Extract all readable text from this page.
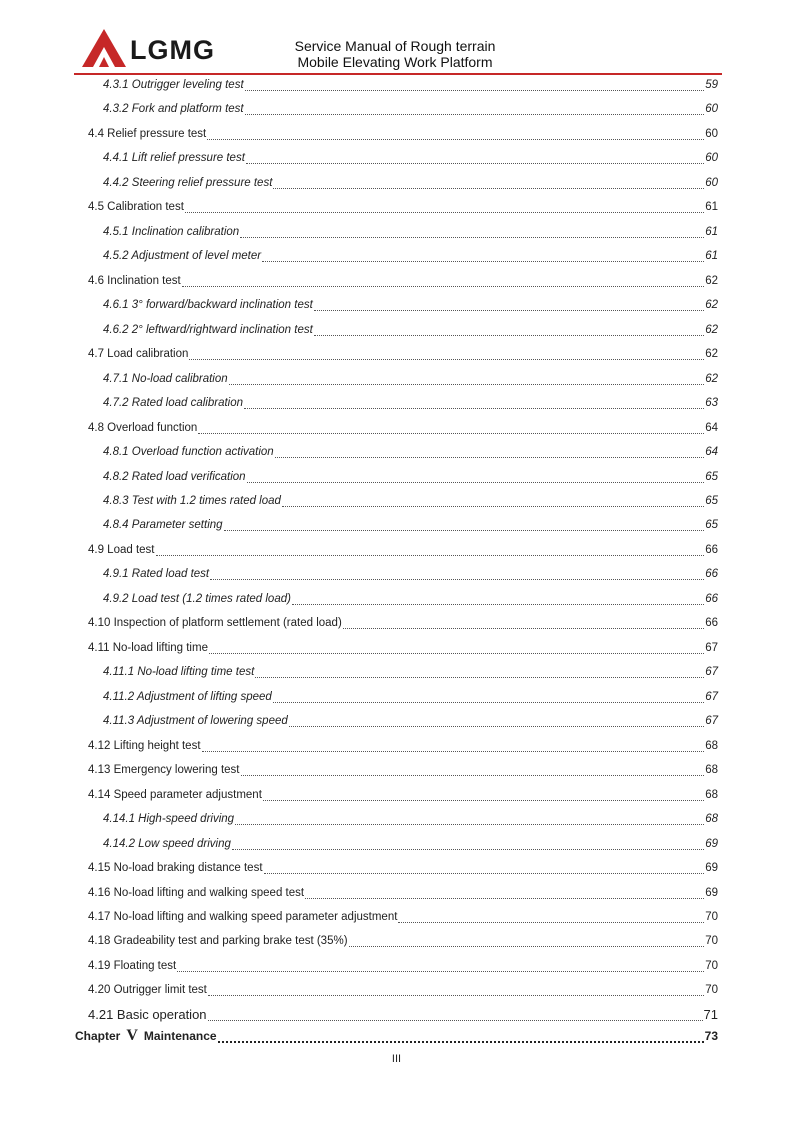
LGMG	Service Manual of Rough terrain
Mobile Elevating Work Platform
4.3.1 Outrigger leveling test	59
4.3.2 Fork and platform test	60
4.4 Relief pressure test	60
4.4.1 Lift relief pressure test	60
4.4.2 Steering relief pressure test	60
4.5 Calibration test	61
4.5.1 Inclination calibration	61
4.5.2 Adjustment of level meter	61
4.6 Inclination test	62
4.6.1 3° forward/backward inclination test	62
4.6.2 2° leftward/rightward inclination test	62
4.7 Load calibration	62
4.7.1 No-load calibration	62
4.7.2 Rated load calibration	63
4.8 Overload function	64
4.8.1 Overload function activation	64
4.8.2 Rated load verification	65
4.8.3 Test with 1.2 times rated load	65
4.8.4 Parameter setting	65
4.9 Load test	66
4.9.1 Rated load test	66
4.9.2 Load test (1.2 times rated load)	66
4.10 Inspection of platform settlement (rated load)	66
4.11 No-load lifting time	67
4.11.1 No-load lifting time test	67
4.11.2 Adjustment of lifting speed	67
4.11.3 Adjustment of lowering speed	67
4.12 Lifting height test	68
4.13 Emergency lowering test	68
4.14 Speed parameter adjustment	68
4.14.1 High-speed driving	68
4.14.2 Low speed driving	69
4.15 No-load braking distance test	69
4.16 No-load lifting and walking speed test	69
4.17 No-load lifting and walking speed parameter adjustment	70
4.18 Gradeability test and parking brake test (35%)	70
4.19 Floating test	70
4.20 Outrigger limit test	70
4.21 Basic operation	71
Chapter V Maintenance	73
III
